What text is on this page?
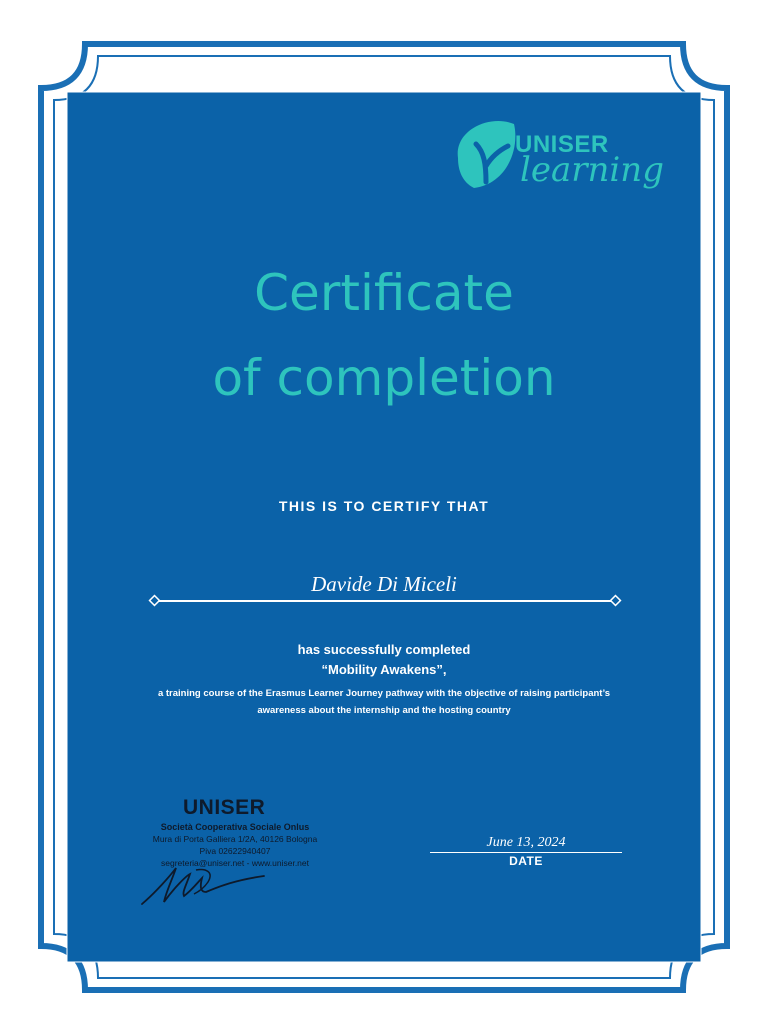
UNISER
learning
Certificate
of completion
THIS IS TO CERTIFY THAT
Davide Di Miceli
has successfully completed
“Mobility Awakens”,
a training course of the Erasmus Learner Journey pathway with the objective of raising participant’s
awareness about the internship and the hosting country
UNISER
Società Cooperativa Sociale Onlus
Mura di Porta Galliera 1/2A, 40126 Bologna
Piva 02622940407
segreteria@uniser.net - www.uniser.net
June 13, 2024
DATE
